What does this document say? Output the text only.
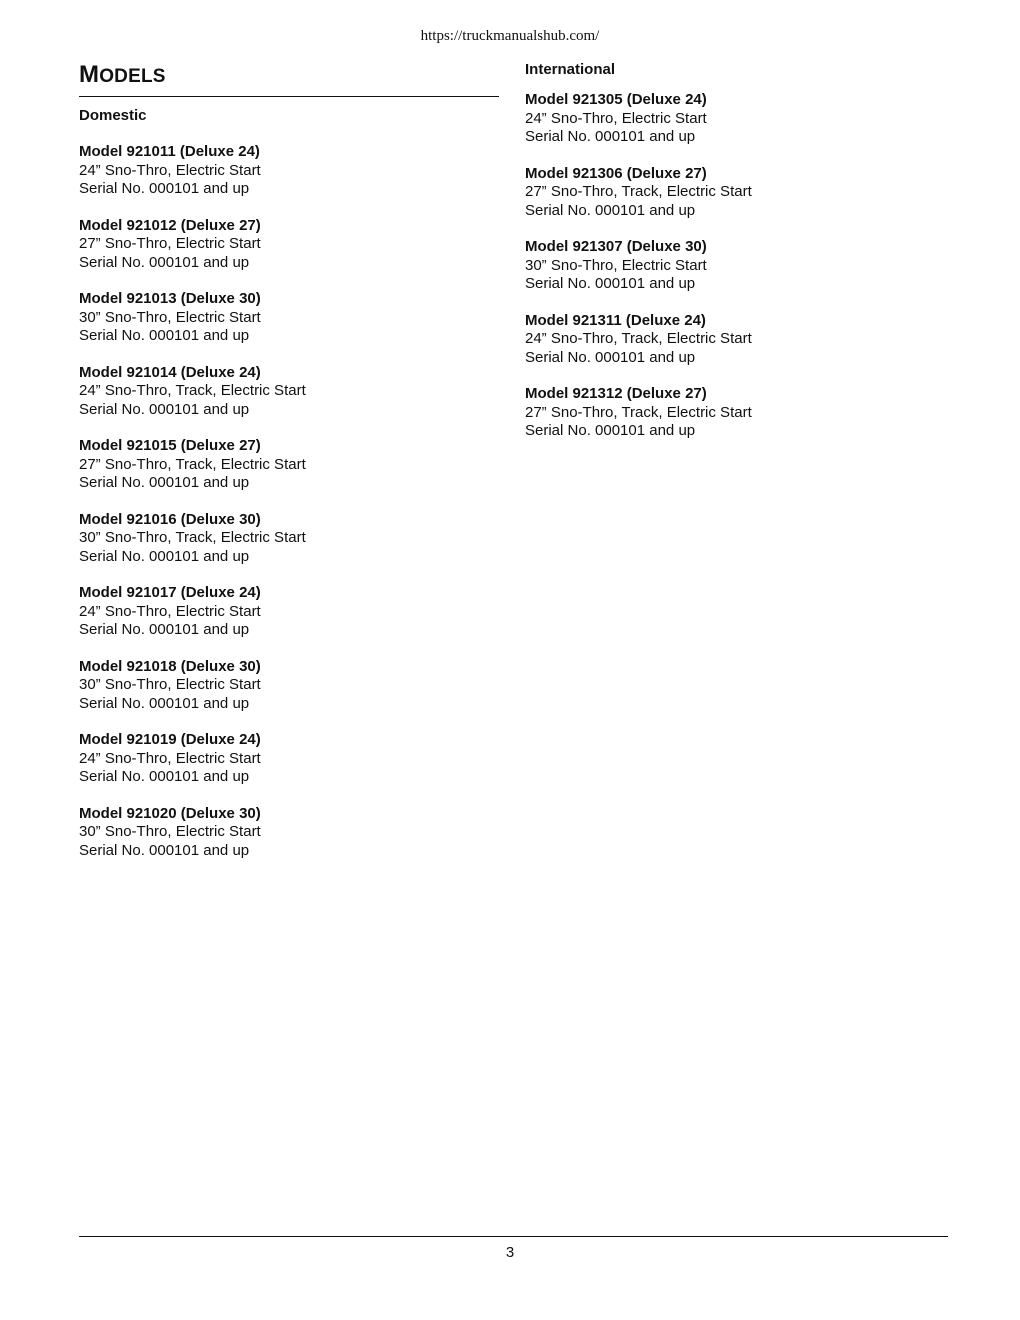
https://truckmanualshub.com/
MODELS
Domestic
Model 921011 (Deluxe 24)
24” Sno-Thro, Electric Start
Serial No. 000101 and up
Model 921012 (Deluxe 27)
27” Sno-Thro, Electric Start
Serial No. 000101 and up
Model 921013 (Deluxe 30)
30” Sno-Thro, Electric Start
Serial No. 000101 and up
Model 921014 (Deluxe 24)
24” Sno-Thro, Track, Electric Start
Serial No. 000101 and up
Model 921015 (Deluxe 27)
27” Sno-Thro, Track, Electric Start
Serial No. 000101 and up
Model 921016 (Deluxe 30)
30” Sno-Thro, Track, Electric Start
Serial No. 000101 and up
Model 921017 (Deluxe 24)
24” Sno-Thro, Electric Start
Serial No. 000101 and up
Model 921018 (Deluxe 30)
30” Sno-Thro, Electric Start
Serial No. 000101 and up
Model 921019 (Deluxe 24)
24” Sno-Thro, Electric Start
Serial No. 000101 and up
Model 921020 (Deluxe 30)
30” Sno-Thro, Electric Start
Serial No. 000101 and up
International
Model 921305 (Deluxe 24)
24” Sno-Thro, Electric Start
Serial No. 000101 and up
Model 921306 (Deluxe 27)
27” Sno-Thro, Track, Electric Start
Serial No. 000101 and up
Model 921307 (Deluxe 30)
30” Sno-Thro, Electric Start
Serial No. 000101 and up
Model 921311 (Deluxe 24)
24” Sno-Thro, Track, Electric Start
Serial No. 000101 and up
Model 921312 (Deluxe 27)
27” Sno-Thro, Track, Electric Start
Serial No. 000101 and up
3
